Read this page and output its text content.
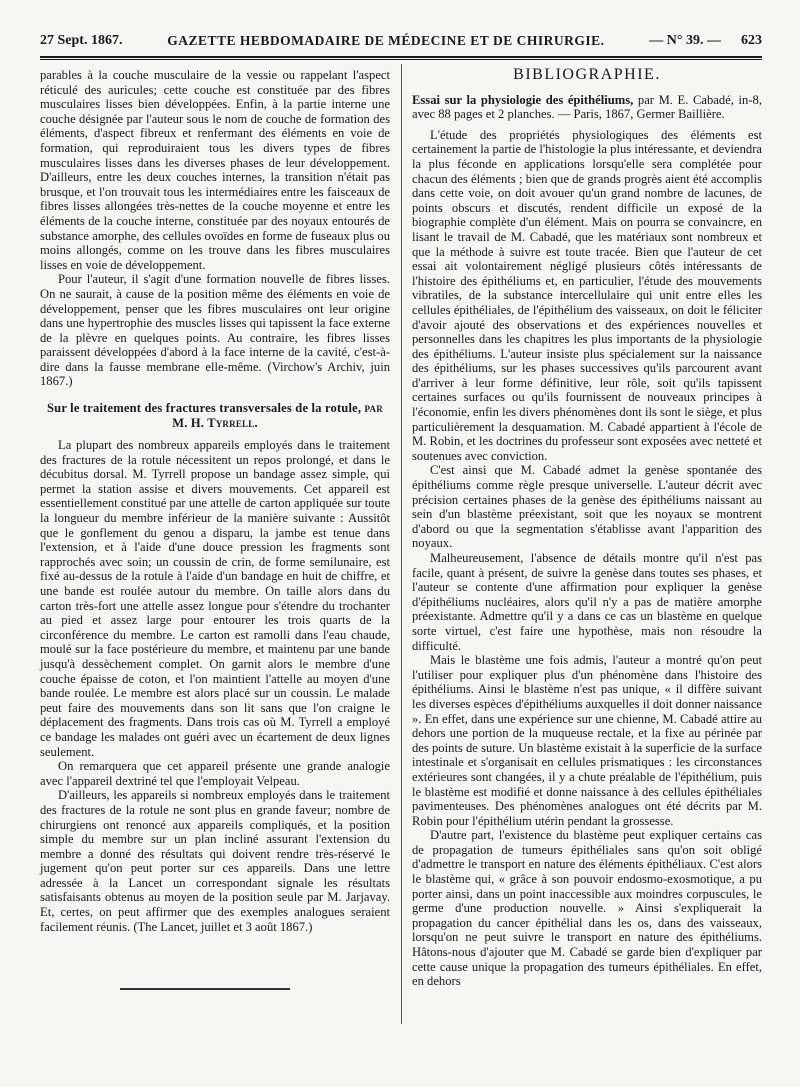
27 Sept. 1867.	GAZETTE HEBDOMADAIRE DE MÉDECINE ET DE CHIRURGIE.	— N° 39. — 623

parables à la couche musculaire de la vessie ou rappelant l'aspect réticulé des auricules; cette couche est constituée par des fibres musculaires lisses bien développées. Enfin, à la partie interne une couche désignée par l'auteur sous le nom de couche de formation des éléments, d'aspect fibreux et renfermant des éléments en voie de formation, qui reproduiraient tous les divers types de fibres musculaires lisses dans les diverses phases de leur développement. D'ailleurs, entre les deux couches internes, la transition n'était pas brusque, et l'on trouvait tous les intermédiaires entre les faisceaux de fibres lisses allongées très-nettes de la couche moyenne et entre les éléments de la couche interne, constituée par des noyaux entourés de substance amorphe, des cellules ovoïdes en forme de fuseaux plus ou moins allongés, comme on les trouve dans les fibres musculaires lisses en voie de développement.

Pour l'auteur, il s'agit d'une formation nouvelle de fibres lisses. On ne saurait, à cause de la position même des éléments en voie de développement, penser que les fibres musculaires ont leur origine dans une hypertrophie des muscles lisses qui tapissent la face externe de la plèvre en quelques points. Au contraire, les fibres lisses paraissent développées d'abord à la face interne de la cavité, c'est-à-dire dans la fausse membrane elle-même. (Virchow's Archiv, juin 1867.)

Sur le traitement des fractures transversales de la rotule, par M. H. Tyrrell.

La plupart des nombreux appareils employés dans le traitement des fractures de la rotule nécessitent un repos prolongé, et dans le décubitus dorsal. M. Tyrrell propose un bandage assez simple, qui permet la station assise et divers mouvements. Cet appareil est essentiellement constitué par une attelle de carton appliquée sur toute la longueur du membre inférieur de la manière suivante : Aussitôt que le gonflement du genou a disparu, la jambe est tenue dans l'extension, et à l'aide d'une douce pression les fragments sont rapprochés avec soin; un coussin de crin, de forme semilunaire, est fixé au-dessus de la rotule à l'aide d'un bandage en huit de chiffre, et une bande est roulée autour du membre. On taille alors dans du carton très-fort une attelle assez longue pour s'étendre du trochanter au pied et assez large pour entourer les trois quarts de la circonférence du membre. Le carton est ramolli dans l'eau chaude, moulé sur la face postérieure du membre, et maintenu par une bande jusqu'à dessèchement complet. On garnit alors le membre d'une couche épaisse de coton, et l'on maintient l'attelle au moyen d'une bande roulée. Le membre est alors placé sur un coussin. Le malade peut faire des mouvements dans son lit sans que l'on craigne le déplacement des fragments. Dans trois cas où M. Tyrrell a employé ce bandage les malades ont guéri avec un écartement de deux lignes seulement.

On remarquera que cet appareil présente une grande analogie avec l'appareil dextriné tel que l'employait Velpeau.

D'ailleurs, les appareils si nombreux employés dans le traitement des fractures de la rotule ne sont plus en grande faveur; nombre de chirurgiens ont renoncé aux appareils compliqués, et la position simple du membre sur un plan incliné assurant l'extension du membre a donné des résultats qui doivent rendre très-réservé le jugement qu'on peut porter sur ces appareils. Dans une lettre adressée à la Lancet un correspondant signale les résultats satisfaisants obtenus au moyen de la position seule par M. Jarjavay. Et, certes, on peut affirmer que des exemples analogues seraient facilement réunis. (The Lancet, juillet et 3 août 1867.)

BIBLIOGRAPHIE.

Essai sur la physiologie des épithéliums, par M. E. Cabadé, in-8, avec 88 pages et 2 planches. — Paris, 1867, Germer Baillière.

L'étude des propriétés physiologiques des éléments est certainement la partie de l'histologie la plus intéressante, et deviendra la plus féconde en applications lorsqu'elle sera complétée pour chacun des éléments ; bien que de grands progrès aient été accomplis dans cette voie, on doit avouer qu'un grand nombre de lacunes, de points obscurs et discutés, rendent difficile un exposé de la biographie complète d'un élément. Mais on pourra se convaincre, en lisant le travail de M. Cabadé, que les matériaux sont nombreux et que la méthode à suivre est toute tracée. Bien que l'auteur de cet essai ait volontairement négligé plusieurs côtés intéressants de l'histoire des épithéliums et, en particulier, l'étude des mouvements vibratiles, de la substance intercellulaire qui unit entre elles les cellules épithéliales, de l'épithélium des vaisseaux, on doit le féliciter d'avoir ajouté des observations et des expériences nouvelles et personnelles dans les chapitres les plus importants de la physiologie des épithéliums. L'auteur insiste plus spécialement sur la naissance des épithéliums, sur les phases successives qu'ils parcourent avant d'arriver à leur forme définitive, leur rôle, soit qu'ils tapissent certaines surfaces ou qu'ils fournissent de nouveaux principes à l'économie, enfin les divers phénomènes dont ils sont le siège, et plus particulièrement la desquamation. M. Cabadé appartient à l'école de M. Robin, et les doctrines du professeur sont exposées avec netteté et soutenues avec conviction.

C'est ainsi que M. Cabadé admet la genèse spontanée des épithéliums comme règle presque universelle. L'auteur décrit avec précision certaines phases de la genèse des épithéliums naissant au sein d'un blastème préexistant, soit que les noyaux se montrent d'abord ou que la segmentation s'établisse avant l'apparition des noyaux.

Malheureusement, l'absence de détails montre qu'il n'est pas facile, quant à présent, de suivre la genèse dans toutes ses phases, et l'auteur se contente d'une affirmation pour expliquer la genèse d'épithéliums nucléaires, alors qu'il n'y a pas de matière amorphe préexistante. Admettre qu'il y a dans ce cas un blastème en quelque sorte virtuel, c'est faire une hypothèse, mais non résoudre la difficulté.

Mais le blastème une fois admis, l'auteur a montré qu'on peut l'utiliser pour expliquer plus d'un phénomène dans l'histoire des épithéliums. Ainsi le blastème n'est pas unique, « il diffère suivant les diverses espèces d'épithéliums auxquelles il doit donner naissance ». En effet, dans une expérience sur une chienne, M. Cabadé attire au dehors une portion de la muqueuse rectale, et la fixe au périnée par des points de suture. Un blastème existait à la superficie de la surface intestinale et s'organisait en cellules prismatiques : les circonstances extérieures sont changées, il y a chute préalable de l'épithélium, puis le blastème est modifié et donne naissance à des cellules épithéliales pavimenteuses. Des phénomènes analogues ont été décrits par M. Robin pour l'épithélium utérin pendant la grossesse.

D'autre part, l'existence du blastème peut expliquer certains cas de propagation de tumeurs épithéliales sans qu'on soit obligé d'admettre le transport en nature des éléments épithéliaux. C'est alors le blastème qui, « grâce à son pouvoir endosmo-exosmotique, a pu porter ainsi, dans un point inaccessible aux moindres corpuscules, le germe d'une production nouvelle. » Ainsi s'expliquerait la propagation du cancer épithélial dans les os, dans des vaisseaux, lorsqu'on ne peut suivre le transport en nature des épithéliums. Hâtons-nous d'ajouter que M. Cabadé se garde bien d'expliquer par cette cause unique la propagation des tumeurs épithéliales. En effet, en dehors
